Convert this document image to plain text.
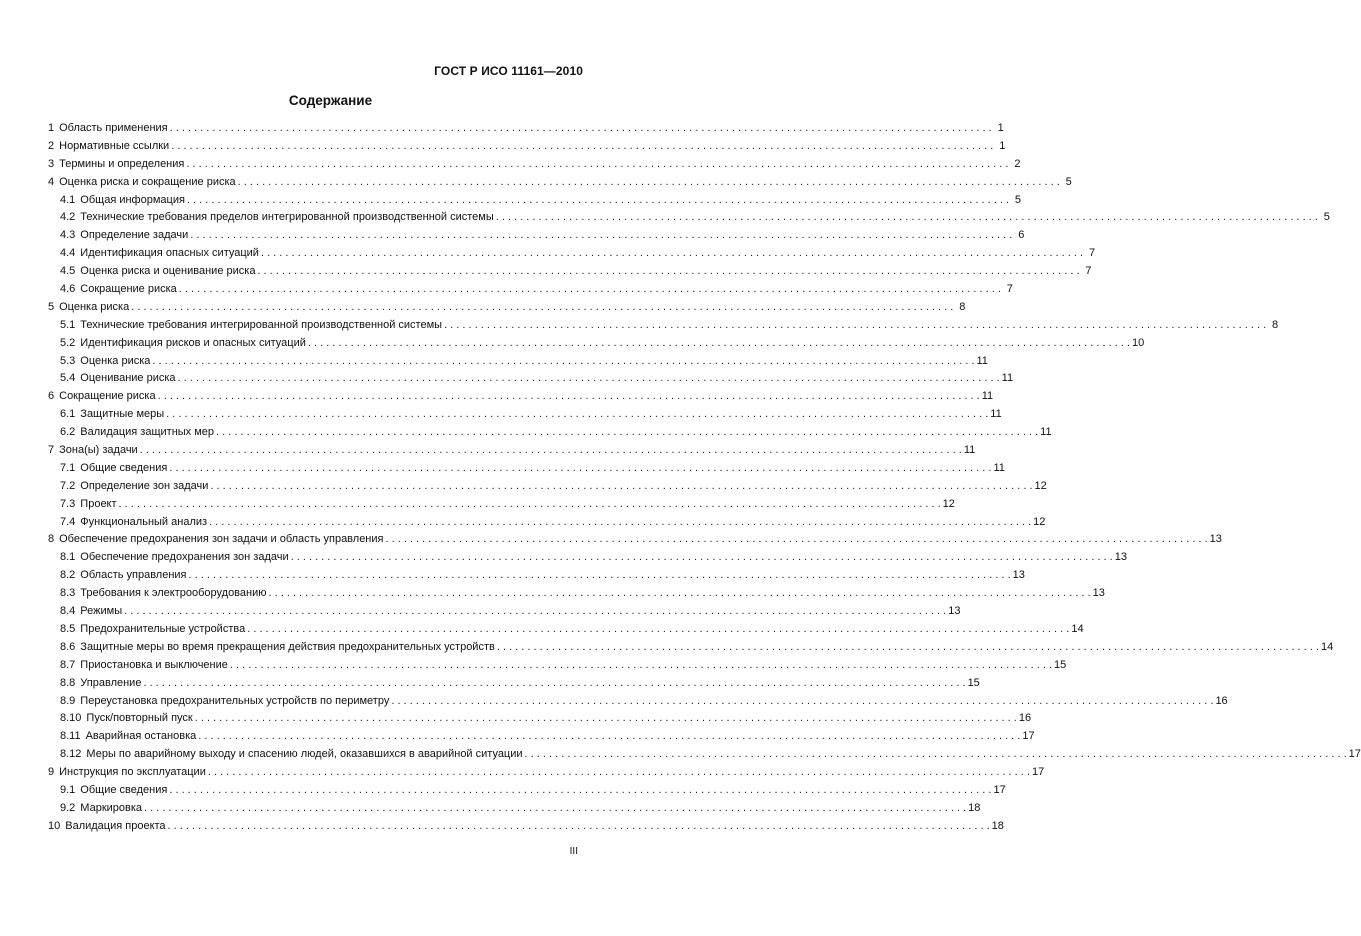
ГОСТ Р ИСО 11161—2010
Содержание
1 Область применения . . .	1
2 Нормативные ссылки . . .	1
3 Термины и определения . . .	2
4 Оценка риска и сокращение риска . . .	5
4.1 Общая информация . . .	5
4.2 Технические требования пределов интегрированной производственной системы . . .	5
4.3 Определение задачи . . .	6
4.4 Идентификация опасных ситуаций . . .	7
4.5 Оценка риска и оценивание риска . . .	7
4.6 Сокращение риска . . .	7
5 Оценка риска . . .	8
5.1 Технические требования интегрированной производственной системы . . .	8
5.2 Идентификация рисков и опасных ситуаций . . .	10
5.3 Оценка риска . . .	11
5.4 Оценивание риска . . .	11
6 Сокращение риска . . .	11
6.1 Защитные меры . . .	11
6.2 Валидация защитных мер . . .	11
7 Зона(ы) задачи . . .	11
7.1 Общие сведения . . .	11
7.2 Определение зон задачи . . .	12
7.3 Проект . . .	12
7.4 Функциональный анализ . . .	12
8 Обеспечение предохранения зон задачи и область управления . . .	13
8.1 Обеспечение предохранения зон задачи . . .	13
8.2 Область управления . . .	13
8.3 Требования к электрооборудованию . . .	13
8.4 Режимы . . .	13
8.5 Предохранительные устройства . . .	14
8.6 Защитные меры во время прекращения действия предохранительных устройств . . .	14
8.7 Приостановка и выключение . . .	15
8.8 Управление . . .	15
8.9 Переустановка предохранительных устройств по периметру . . .	16
8.10 Пуск/повторный пуск . . .	16
8.11 Аварийная остановка . . .	17
8.12 Меры по аварийному выходу и спасению людей, оказавшихся в аварийной ситуации . . .	17
9 Инструкция по эксплуатации . . .	17
9.1 Общие сведения . . .	17
9.2 Маркировка . . .	18
10 Валидация проекта . . .	18
III
